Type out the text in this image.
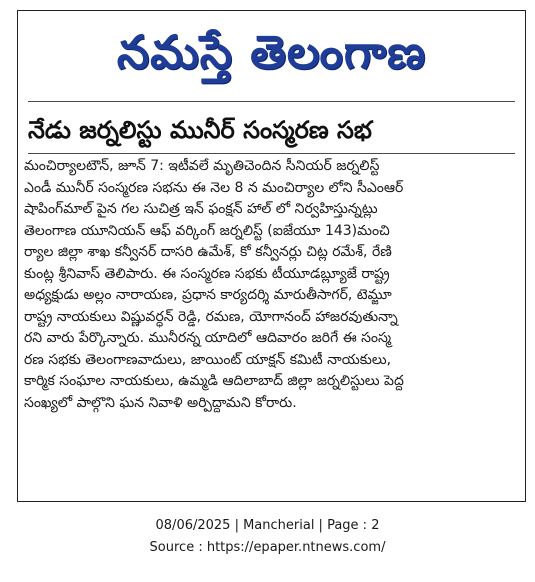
నమస్తే తెలంగాణ
నేడు జర్నలిస్టు మునీర్ సంస్మరణ సభ

మంచిర్యాలటౌన్, జూన్ 7: ఇటీవలే మృతిచెందిన సీనియర్ జర్నలిస్ట్
ఎండీ మునీర్ సంస్మరణ సభను ఈ నెల 8 న మంచిర్యాల లోని సీఎంఆర్
షాపింగ్‌మాల్ పైన గల సుచిత్ర ఇన్ ఫంక్షన్ హాల్ లో నిర్వహిస్తున్నట్లు
తెలంగాణ యూనియన్ ఆఫ్ వర్కింగ్ జర్నలిస్ట్ (ఐజేయూ 143)మంచి
ర్యాల జిల్లా శాఖ కన్వీనర్ దాసరి ఉమేశ్, కో కన్వీనర్లు చిట్ల రమేశ్, రేణి
కుంట్ల శ్రీనివాస్ తెలిపారు. ఈ సంస్మరణ సభకు టీయూడబ్ల్యూజే రాష్ట్ర
అధ్యక్షుడు అల్లం నారాయణ, ప్రధాన కార్యదర్శి మారుతీసాగర్, టెమ్జూ
రాష్ట్ర నాయకులు విష్ణువర్ధన్ రెడ్డి, రమణ, యోగానంద్ హాజరవుతున్నా
రని వారు పేర్కొన్నారు. మునీరన్న యాదిలో ఆదివారం జరిగే ఈ సంస్మ
రణ సభకు తెలంగాణవాదులు, జాయింట్ యాక్షన్ కమిటీ నాయకులు,
కార్మిక సంఘాల నాయకులు, ఉమ్మడి ఆదిలాబాద్ జిల్లా జర్నలిస్టులు పెద్ద
సంఖ్యలో పాల్గొని ఘన నివాళి అర్పిద్దామని కోరారు.

08/06/2025 | Mancherial | Page : 2
Source : https://epaper.ntnews.com/
